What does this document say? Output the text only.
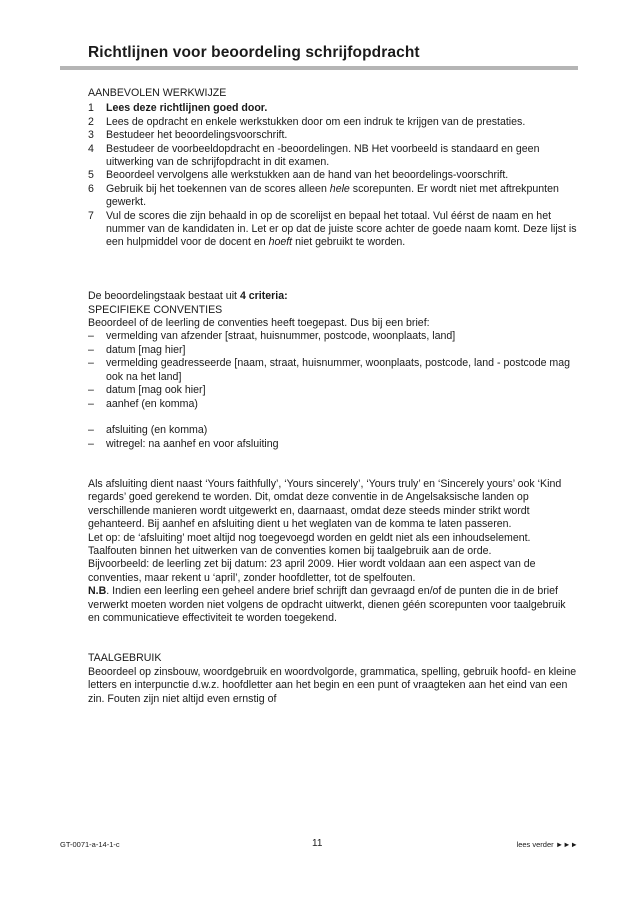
Richtlijnen voor beoordeling schrijfopdracht
AANBEVOLEN WERKWIJZE
1 Lees deze richtlijnen goed door.
2 Lees de opdracht en enkele werkstukken door om een indruk te krijgen van de prestaties.
3 Bestudeer het beoordelingsvoorschrift.
4 Bestudeer de voorbeeldopdracht en -beoordelingen. NB Het voorbeeld is standaard en geen uitwerking van de schrijfopdracht in dit examen.
5 Beoordeel vervolgens alle werkstukken aan de hand van het beoordelings-voorschrift.
6 Gebruik bij het toekennen van de scores alleen hele scorepunten. Er wordt niet met aftrekpunten gewerkt.
7 Vul de scores die zijn behaald in op de scorelijst en bepaal het totaal. Vul éérst de naam en het nummer van de kandidaten in. Let er op dat de juiste score achter de goede naam komt. Deze lijst is een hulpmiddel voor de docent en hoeft niet gebruikt te worden.

De beoordelingstaak bestaat uit 4 criteria:

SPECIFIEKE CONVENTIES

Beoordeel of de leerling de conventies heeft toegepast. Dus bij een brief:

– vermelding van afzender [straat, huisnummer, postcode, woonplaats, land]
– datum [mag hier]
– vermelding geadresseerde [naam, straat, huisnummer, woonplaats, postcode, land - postcode mag ook na het land]
– datum [mag ook hier]
– aanhef (en komma)
– afsluiting (en komma)
– witregel: na aanhef en voor afsluiting

Als afsluiting dient naast ‘Yours faithfully’, ‘Yours sincerely’, ‘Yours truly’ en ‘Sincerely yours’ ook ‘Kind regards’ goed gerekend te worden. Dit, omdat deze conventie in de Angelsaksische landen op verschillende manieren wordt uitgewerkt en, daarnaast, omdat deze steeds minder strikt wordt gehanteerd. Bij aanhef en afsluiting dient u het weglaten van de komma te laten passeren.

Let op: de ‘afsluiting’ moet altijd nog toegevoegd worden en geldt niet als een inhoudselement.

Taalfouten binnen het uitwerken van de conventies komen bij taalgebruik aan de orde.

Bijvoorbeeld: de leerling zet bij datum: 23 april 2009. Hier wordt voldaan aan een aspect van de conventies, maar rekent u ‘april’, zonder hoofdletter, tot de spelfouten.

N.B. Indien een leerling een geheel andere brief schrijft dan gevraagd en/of de punten die in de brief verwerkt moeten worden niet volgens de opdracht uitwerkt, dienen géén scorepunten voor taalgebruik en communicatieve effectiviteit te worden toegekend.

TAALGEBRUIK

Beoordeel op zinsbouw, woordgebruik en woordvolgorde, grammatica, spelling, gebruik hoofd- en kleine letters en interpunctie d.w.z. hoofdletter aan het begin en een punt of vraagteken aan het eind van een zin. Fouten zijn niet altijd even ernstig of

GT-0071-a-14-1-c	11	lees verder ►►►
